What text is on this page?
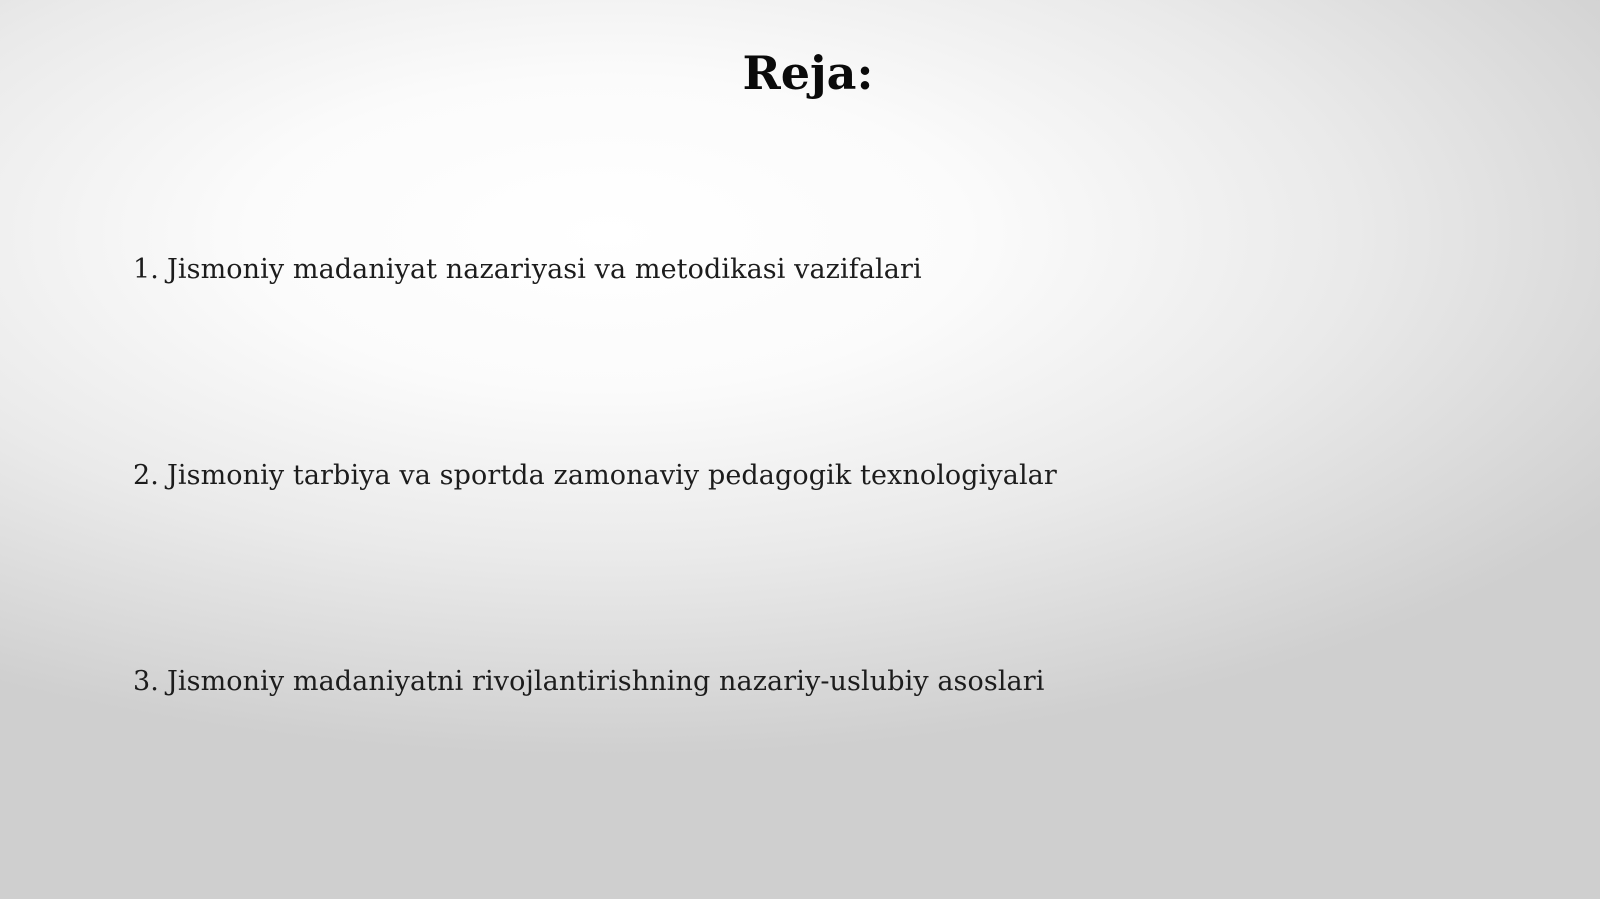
Reja:
1. Jismoniy madaniyat nazariyasi va metodikasi vazifalari
2. Jismoniy tarbiya va sportda zamonaviy pedagogik texnologiyalar
3. Jismoniy madaniyatni rivojlantirishning nazariy-uslubiy asoslari
